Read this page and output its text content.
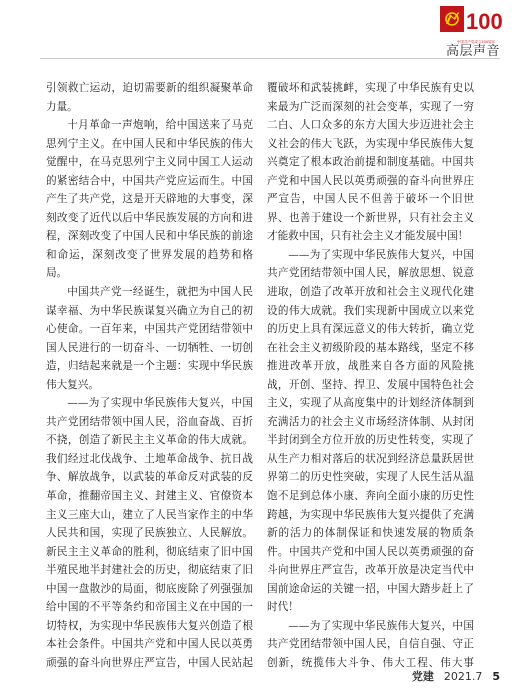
100
中国共产党成立100周年
高层声音

引领救亡运动，迫切需要新的组织凝聚革命力量。

十月革命一声炮响，给中国送来了马克思列宁主义。在中国人民和中华民族的伟大觉醒中，在马克思列宁主义同中国工人运动的紧密结合中，中国共产党应运而生。中国产生了共产党，这是开天辟地的大事变，深刻改变了近代以后中华民族发展的方向和进程，深刻改变了中国人民和中华民族的前途和命运，深刻改变了世界发展的趋势和格局。

中国共产党一经诞生，就把为中国人民谋幸福、为中华民族谋复兴确立为自己的初心使命。一百年来，中国共产党团结带领中国人民进行的一切奋斗、一切牺牲、一切创造，归结起来就是一个主题：实现中华民族伟大复兴。

——为了实现中华民族伟大复兴，中国共产党团结带领中国人民，浴血奋战、百折不挠，创造了新民主主义革命的伟大成就。我们经过北伐战争、土地革命战争、抗日战争、解放战争，以武装的革命反对武装的反革命，推翻帝国主义、封建主义、官僚资本主义三座大山，建立了人民当家作主的中华人民共和国，实现了民族独立、人民解放。新民主主义革命的胜利，彻底结束了旧中国半殖民地半封建社会的历史，彻底结束了旧中国一盘散沙的局面，彻底废除了列强强加给中国的不平等条约和帝国主义在中国的一切特权，为实现中华民族伟大复兴创造了根本社会条件。中国共产党和中国人民以英勇顽强的奋斗向世界庄严宣告，中国人民站起

覆破坏和武装挑衅，实现了中华民族有史以来最为广泛而深刻的社会变革，实现了一穷二白、人口众多的东方大国大步迈进社会主义社会的伟大飞跃，为实现中华民族伟大复兴奠定了根本政治前提和制度基础。中国共产党和中国人民以英勇顽强的奋斗向世界庄严宣告，中国人民不但善于破坏一个旧世界、也善于建设一个新世界，只有社会主义才能救中国，只有社会主义才能发展中国！

——为了实现中华民族伟大复兴，中国共产党团结带领中国人民，解放思想、锐意进取，创造了改革开放和社会主义现代化建设的伟大成就。我们实现新中国成立以来党的历史上具有深远意义的伟大转折，确立党在社会主义初级阶段的基本路线，坚定不移推进改革开放，战胜来自各方面的风险挑战，开创、坚持、捍卫、发展中国特色社会主义，实现了从高度集中的计划经济体制到充满活力的社会主义市场经济体制、从封闭半封闭到全方位开放的历史性转变，实现了从生产力相对落后的状况到经济总量跃居世界第二的历史性突破，实现了人民生活从温饱不足到总体小康、奔向全面小康的历史性跨越，为实现中华民族伟大复兴提供了充满新的活力的体制保证和快速发展的物质条件。中国共产党和中国人民以英勇顽强的奋斗向世界庄严宣告，改革开放是决定当代中国前途命运的关键一招，中国大踏步赶上了时代！

——为了实现中华民族伟大复兴，中国共产党团结带领中国人民，自信自强、守正创新，统揽伟大斗争、伟大工程、伟大事

党建 2021.7 5
